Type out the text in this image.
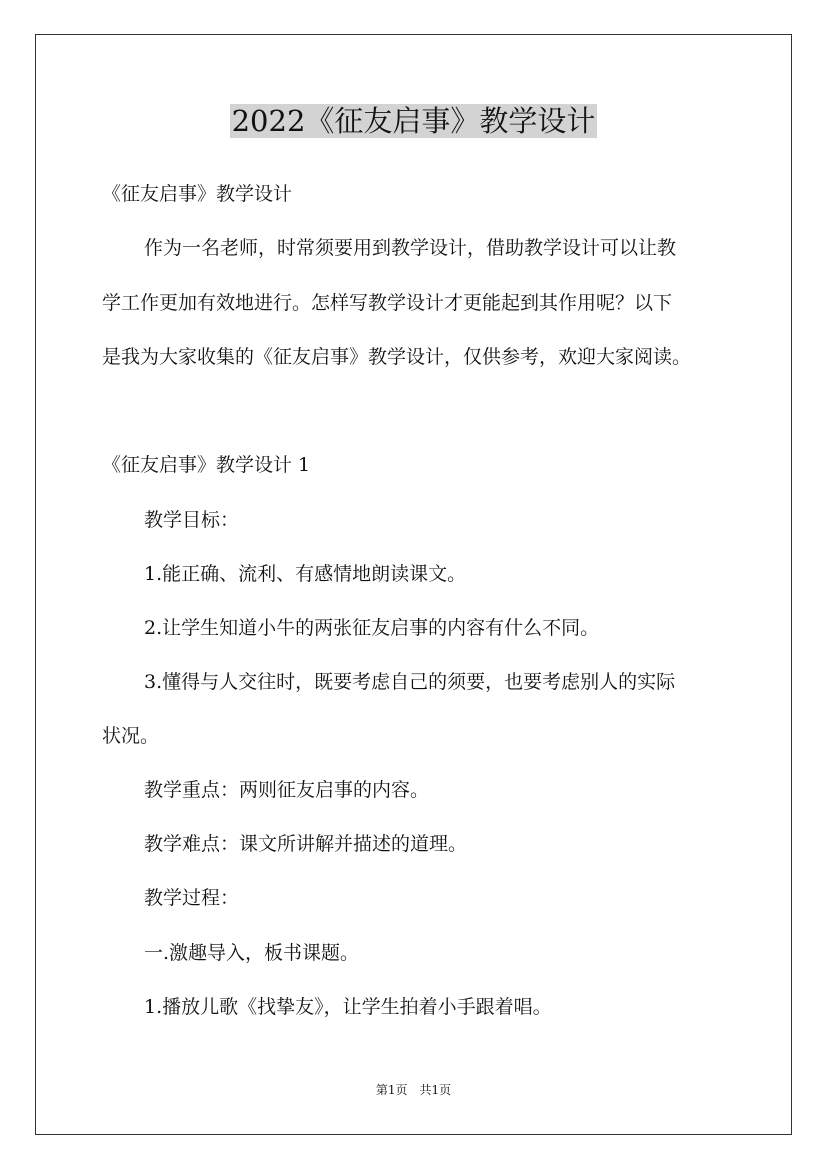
2022《征友启事》教学设计
《征友启事》教学设计
作为一名老师，时常须要用到教学设计，借助教学设计可以让教
学工作更加有效地进行。怎样写教学设计才更能起到其作用呢？以下
是我为大家收集的《征友启事》教学设计，仅供参考，欢迎大家阅读。
《征友启事》教学设计 1
教学目标：
1.能正确、流利、有感情地朗读课文。
2.让学生知道小牛的两张征友启事的内容有什么不同。
3.懂得与人交往时，既要考虑自己的须要，也要考虑别人的实际
状况。
教学重点：两则征友启事的内容。
教学难点：课文所讲解并描述的道理。
教学过程：
一.激趣导入，板书课题。
1.播放儿歌《找挚友》，让学生拍着小手跟着唱。
第1页　共1页
